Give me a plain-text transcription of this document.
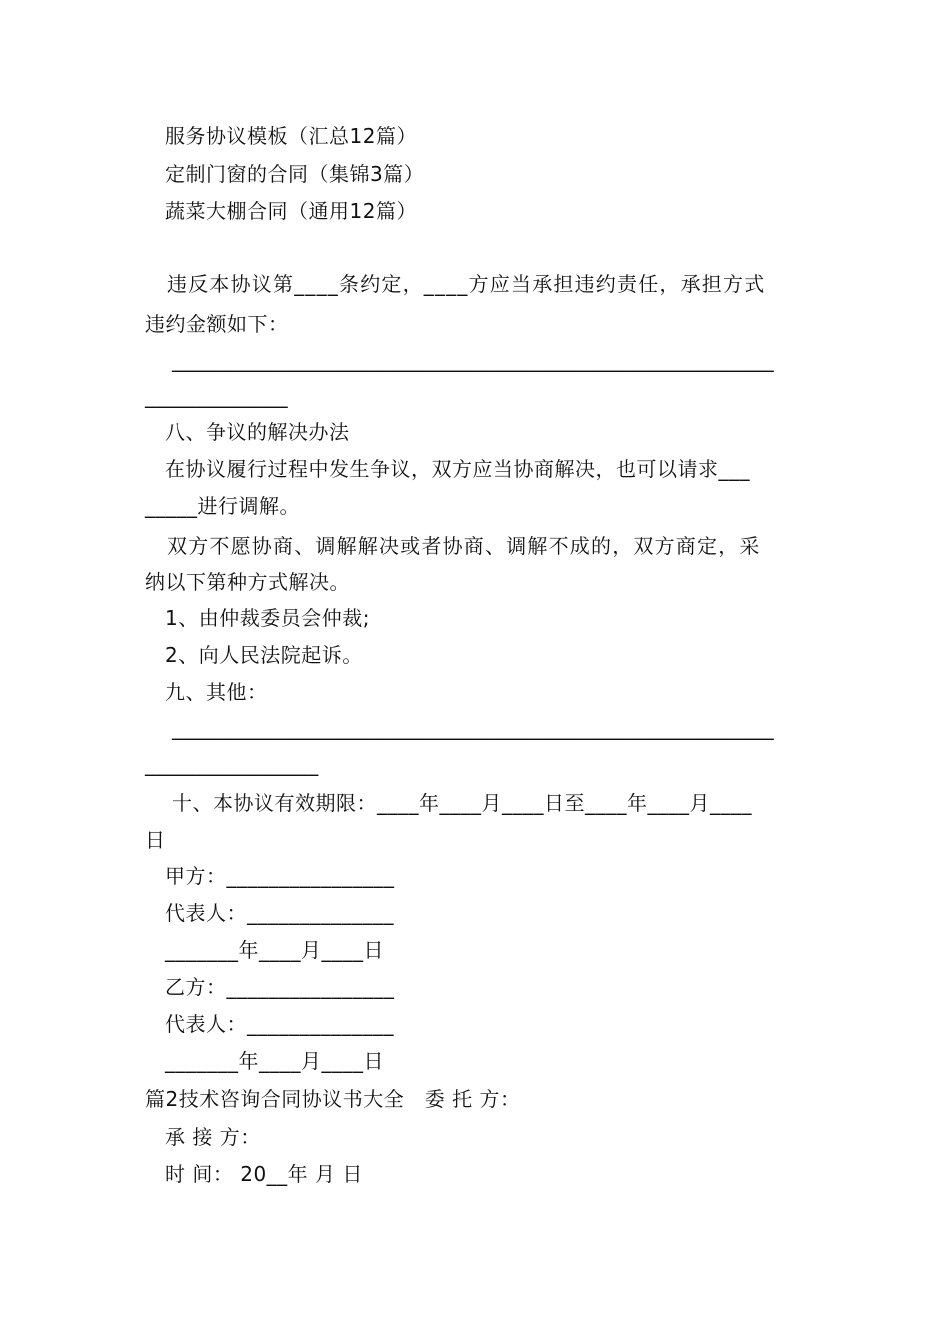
服务协议模板（汇总12篇）
定制门窗的合同（集锦3篇）
蔬菜大棚合同（通用12篇）
违反本协议第____条约定，____方应当承担违约责任，承担方式
违约金额如下：
___________________________________________________________
______________
八、争议的解决办法
在协议履行过程中发生争议，双方应当协商解决，也可以请求___
_____进行调解。
双方不愿协商、调解解决或者协商、调解不成的，双方商定，采
纳以下第种方式解决。
1、由仲裁委员会仲裁;
2、向人民法院起诉。
九、其他：
___________________________________________________________
_________________
十、本协议有效期限：____年____月____日至____年____月____
日
甲方：________________
代表人：______________
_______年____月____日
乙方：________________
代表人：______________
_______年____月____日
篇2技术咨询合同协议书大全   委 托 方：
承 接 方：
时 间： 20__年 月 日
